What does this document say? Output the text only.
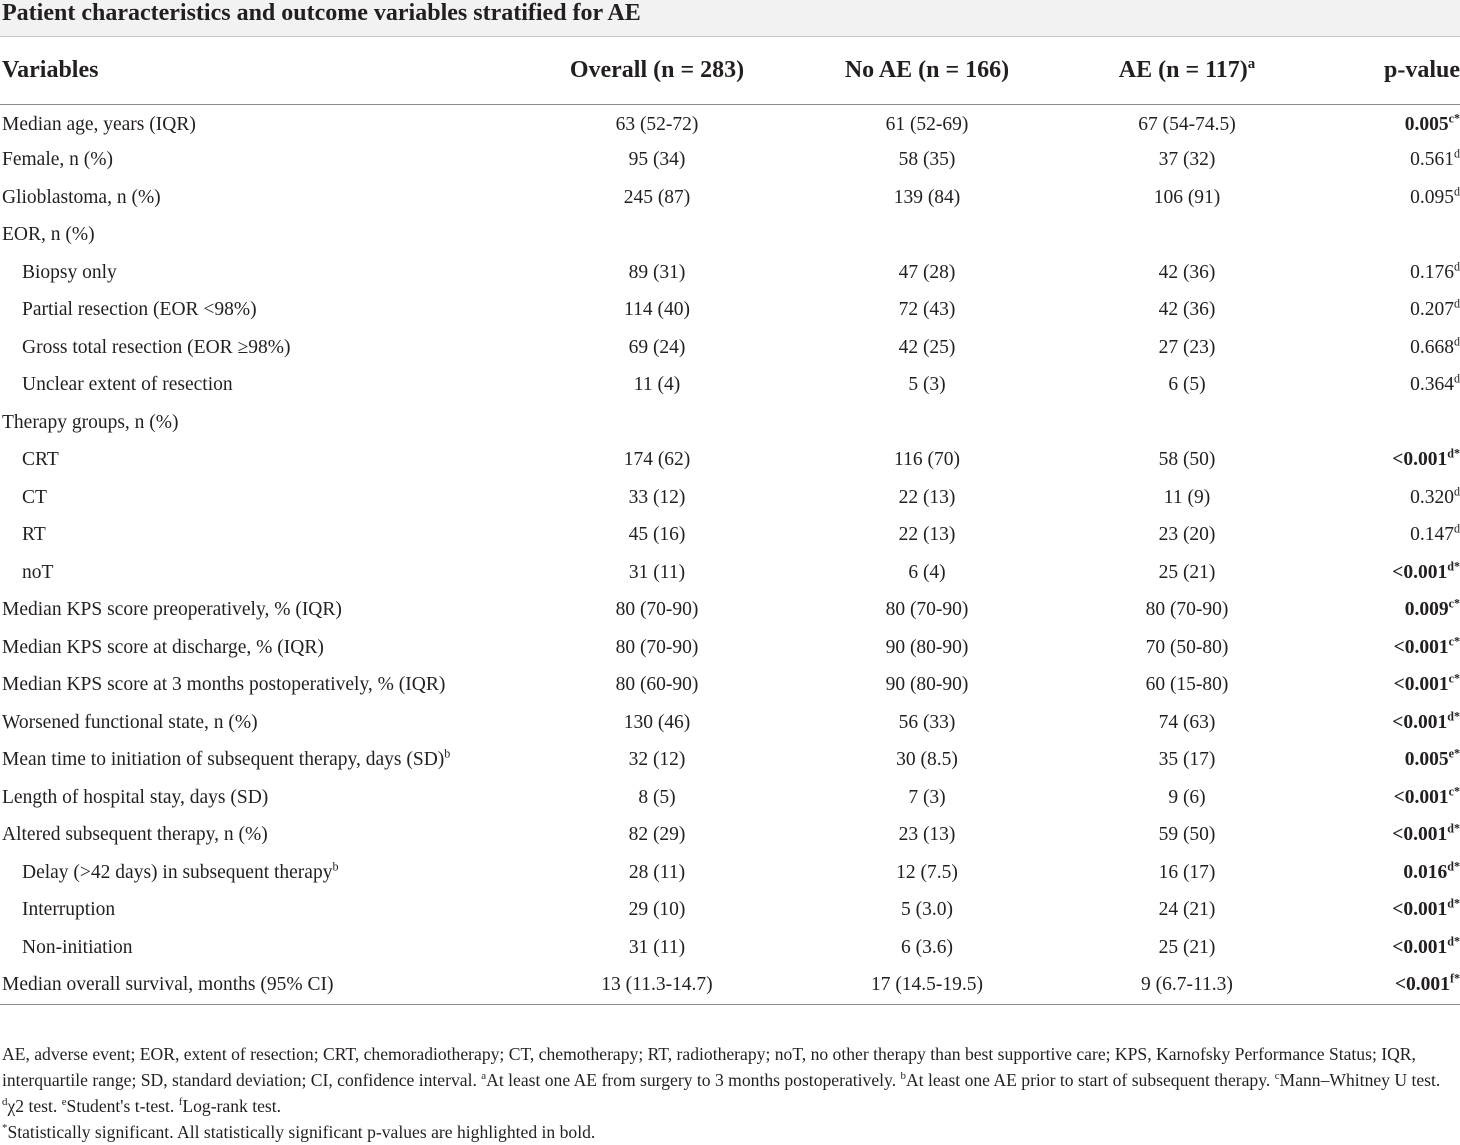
Patient characteristics and outcome variables stratified for AE
Variables	Overall (n = 283)	No AE (n = 166)	AE (n = 117)$^a$	p-value
Median age, years (IQR)	63 (52-72)	61 (52-69)	67 (54-74.5)	$0.005^{c*}$
Female, n (%)	95 (34)	58 (35)	37 (32)	0.561$^d$
Glioblastoma, n (%)	245 (87)	139 (84)	106 (91)	0.095$^d$
EOR, n (%)				
Biopsy only	89 (31)	47 (28)	42 (36)	0.176$^d$
Partial resection (EOR <98%)	114 (40)	72 (43)	42 (36)	0.207$^d$
Gross total resection (EOR ≥98%)	69 (24)	42 (25)	27 (23)	0.668$^d$
Unclear extent of resection	11 (4)	5 (3)	6 (5)	0.364$^d$
Therapy groups, n (%)				
CRT	174 (62)	116 (70)	58 (50)	$<0.001^{d*}$
CT	33 (12)	22 (13)	11 (9)	0.320$^d$
RT	45 (16)	22 (13)	23 (20)	0.147$^d$
noT	31 (11)	6 (4)	25 (21)	$<0.001^{d*}$
Median KPS score preoperatively, % (IQR)	80 (70-90)	80 (70-90)	80 (70-90)	$0.009^{c*}$
Median KPS score at discharge, % (IQR)	80 (70-90)	90 (80-90)	70 (50-80)	$<0.001^{c*}$
Median KPS score at 3 months postoperatively, % (IQR)	80 (60-90)	90 (80-90)	60 (15-80)	$<0.001^{c*}$
Worsened functional state, n (%)	130 (46)	56 (33)	74 (63)	$<0.001^{d*}$
Mean time to initiation of subsequent therapy, days (SD)$^b$	32 (12)	30 (8.5)	35 (17)	$0.005^{e*}$
Length of hospital stay, days (SD)	8 (5)	7 (3)	9 (6)	$<0.001^{c*}$
Altered subsequent therapy, n (%)	82 (29)	23 (13)	59 (50)	$<0.001^{d*}$
Delay (>42 days) in subsequent therapy$^b$	28 (11)	12 (7.5)	16 (17)	$0.016^{d*}$
Interruption	29 (10)	5 (3.0)	24 (21)	$<0.001^{d*}$
Non-initiation	31 (11)	6 (3.6)	25 (21)	$<0.001^{d*}$
Median overall survival, months (95% CI)	13 (11.3-14.7)	17 (14.5-19.5)	9 (6.7-11.3)	$<0.001^{f*}$

AE, adverse event; EOR, extent of resection; CRT, chemoradiotherapy; CT, chemotherapy; RT, radiotherapy; noT, no other therapy than best supportive care; KPS, Karnofsky Performance Status; IQR, interquartile range; SD, standard deviation; CI, confidence interval. $^a$At least one AE from surgery to 3 months postoperatively. $^b$At least one AE prior to start of subsequent therapy. $^c$Mann–Whitney U test. $^d$χ2 test. $^e$Student's t-test. $^f$Log-rank test.

*Statistically significant. All statistically significant p-values are highlighted in bold.
